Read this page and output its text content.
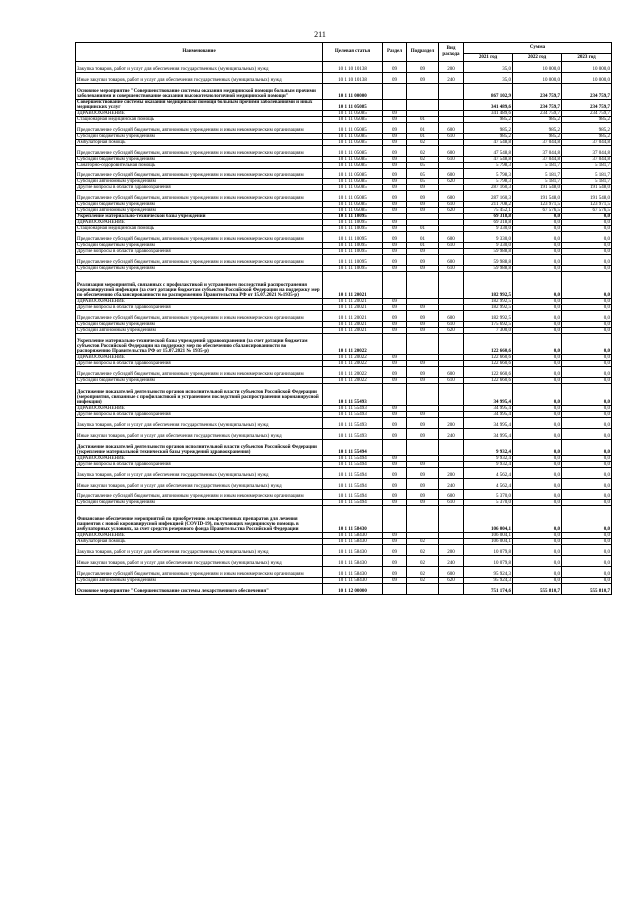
211
Наименование	Целевая статья	Раздел	Подраздел	Вид расхода	Сумма		
					2021 год	2022 год	2023 год
Закупка товаров, работ и услуг для обеспечения государственных (муниципальных) нужд	10 1 10 10138	09	09	200	35,0	10 000,0	10 000,0
Иные закупки товаров, работ и услуг для обеспечения государственных (муниципальных) нужд	10 1 10 10138	09	09	240	35,0	10 000,0	10 000,0
Основное мероприятие "Совершенствование системы оказания медицинской помощи больным прочими заболеваниями и совершенствование оказания высокотехнологичной медицинской помощи"	10 1 11 00000				867 102,9	234 759,7	234 759,7
Совершенствование системы оказания медицинской помощи больным прочими заболеваниями и иных медицинских услуг	10 1 11 05085				341 489,6	234 759,7	234 759,7
ЗДРАВООХРАНЕНИЕ	10 1 11 05085	09			341 489,6	234 759,7	234 759,7
Стационарная медицинская помощь	10 1 11 05085	09	01		985,2	985,2	985,2
Предоставление субсидий бюджетным, автономным учреждениям и иным некоммерческим организациям	10 1 11 05085	09	01	600	985,2	985,2	985,2
Субсидии бюджетным учреждениям	10 1 11 05085	09	01	610	985,2	985,2	985,2
Амбулаторная помощь	10 1 11 05085	09	02		47 548,8	37 044,8	37 044,8
Предоставление субсидий бюджетным, автономным учреждениям и иным некоммерческим организациям	10 1 11 05085	09	02	600	47 548,8	37 044,8	37 044,8
Субсидии бюджетным учреждениям	10 1 11 05085	09	02	610	47 548,8	37 044,8	37 044,8
Санаторно-оздоровительная помощь	10 1 11 05085	09	05		5 798,3	5 181,7	5 181,7
Предоставление субсидий бюджетным, автономным учреждениям и иным некоммерческим организациям	10 1 11 05085	09	05	600	5 798,3	5 181,7	5 181,7
Субсидии автономным учреждениям	10 1 11 05085	09	05	620	5 798,3	5 181,7	5 181,7
Другие вопросы в области здравоохранения	10 1 11 05085	09	09		287 160,3	191 548,0	191 548,0
Предоставление субсидий бюджетным, автономным учреждениям и иным некоммерческим организациям	10 1 11 05085	09	09	600	287 160,3	191 548,0	191 548,0
Субсидии бюджетным учреждениям	10 1 11 05085	09	09	610	211 708,2	123 971,5	123 971,5
Субсидии автономным учреждениям	10 1 11 05085	09	09	620	75 452,1	67 576,5	67 576,5
Укрепление материально-технической базы учреждений	10 1 11 10095				69 318,8	0,0	0,0
ЗДРАВООХРАНЕНИЕ	10 1 11 10095	09			69 318,8	0,0	0,0
Стационарная медицинская помощь	10 1 11 10095	09	01		9 330,0	0,0	0,0
Предоставление субсидий бюджетным, автономным учреждениям и иным некоммерческим организациям	10 1 11 10095	09	01	600	9 330,0	0,0	0,0
Субсидии бюджетным учреждениям	10 1 11 10095	09	01	610	9 330,0	0,0	0,0
Другие вопросы в области здравоохранения	10 1 11 10095	09	09		59 988,8	0,0	0,0
Предоставление субсидий бюджетным, автономным учреждениям и иным некоммерческим организациям	10 1 11 10095	09	09	600	59 988,8	0,0	0,0
Субсидии бюджетным учреждениям	10 1 11 10095	09	09	610	59 988,8	0,0	0,0
Реализация мероприятий, связанных с профилактикой и устранением последствий распространения коронавирусной инфекции (за счет дотации бюджетам субъектов Российской Федерации на поддержку мер по обеспечению сбалансированности во распоряжению Правительства РФ от 15.07.2021 №1935-р)	10 1 11 20021				182 992,5	0,0	0,0
ЗДРАВООХРАНЕНИЕ	10 1 11 20021	09			182 992,5	0,0	0,0
Другие вопросы в области здравоохранения	10 1 11 20021	09	09		182 992,5	0,0	0,0
Предоставление субсидий бюджетным, автономным учреждениям и иным некоммерческим организациям	10 1 11 20021	09	09	600	182 992,5	0,0	0,0
Субсидии бюджетным учреждениям	10 1 11 20021	09	09	610	175 692,5	0,0	0,0
Субсидии автономным учреждениям	10 1 11 20021	09	09	620	7 300,0	0,0	0,0
Укрепление материально-технической базы учреждений здравоохранения (за счет дотации бюджетам субъектов Российской Федерации на поддержку мер по обеспечению сбалансированности во распоряжению Правительства РФ от 15.07.2021 № 1935-р)	10 1 11 20022				122 660,6	0,0	0,0
ЗДРАВООХРАНЕНИЕ	10 1 11 20022	09			122 660,6	0,0	0,0
Другие вопросы в области здравоохранения	10 1 11 20022	09	09		122 660,6	0,0	0,0
Предоставление субсидий бюджетным, автономным учреждениям и иным некоммерческим организациям	10 1 11 20022	09	09	600	122 660,6	0,0	0,0
Субсидии бюджетным учреждениям	10 1 11 20022	09	09	610	122 660,6	0,0	0,0
Достижение показателей деятельности органов исполнительной власти субъектов Российской Федерации (мероприятия, связанные с профилактикой и устранением последствий распространения коронавирусной инфекции)	10 1 11 55493				34 995,4	0,0	0,0
ЗДРАВООХРАНЕНИЕ	10 1 11 55493	09			34 995,4	0,0	0,0
Другие вопросы в области здравоохранения	10 1 11 55493	09	09		34 995,4	0,0	0,0
Закупка товаров, работ и услуг для обеспечения государственных (муниципальных) нужд	10 1 11 55493	09	09	200	34 995,4	0,0	0,0
Иные закупки товаров, работ и услуг для обеспечения государственных (муниципальных) нужд	10 1 11 55493	09	09	240	34 995,4	0,0	0,0
Достижение показателей деятельности органов исполнительной власти субъектов Российской Федерации (укрепление материальной технической базы учреждений здравоохранения)	10 1 11 55494				9 932,4	0,0	0,0
ЗДРАВООХРАНЕНИЕ	10 1 11 55494	09			9 932,4	0,0	0,0
Другие вопросы в области здравоохранения	10 1 11 55494	09	09		9 932,4	0,0	0,0
Закупка товаров, работ и услуг для обеспечения государственных (муниципальных) нужд	10 1 11 55494	09	09	200	4 562,4	0,0	0,0
Иные закупки товаров, работ и услуг для обеспечения государственных (муниципальных) нужд	10 1 11 55494	09	09	240	4 562,4	0,0	0,0
Предоставление субсидий бюджетным, автономным учреждениям и иным некоммерческим организациям	10 1 11 55494	09	09	600	5 370,0	0,0	0,0
Субсидии бюджетным учреждениям	10 1 11 55494	09	09	610	5 370,0	0,0	0,0
Финансовое обеспечение мероприятий по приобретению лекарственных препаратов для лечения пациентов с новой коронавирусной инфекцией (COVID-19), получающих медицинскую помощь в амбулаторных условиях, за счет средств резервного фонда Правительства Российской Федерации	10 1 11 58430				106 004,1	0,0	0,0
ЗДРАВООХРАНЕНИЕ	10 1 11 58430	09			106 004,1	0,0	0,0
Амбулаторная помощь	10 1 11 58430	09	02		106 004,1	0,0	0,0
Закупка товаров, работ и услуг для обеспечения государственных (муниципальных) нужд	10 1 11 58430	09	02	200	10 079,8	0,0	0,0
Иные закупки товаров, работ и услуг для обеспечения государственных (муниципальных) нужд	10 1 11 58430	09	02	240	10 079,8	0,0	0,0
Предоставление субсидий бюджетным, автономным учреждениям и иным некоммерческим организациям	10 1 11 58430	09	02	600	95 924,3	0,0	0,0
Субсидии автономным учреждениям	10 1 11 58430	09	02	620	95 924,3	0,0	0,0
Основное мероприятие "Совершенствование системы лекарственного обеспечения"	10 1 12 00000				751 174,6	555 810,7	555 810,7
